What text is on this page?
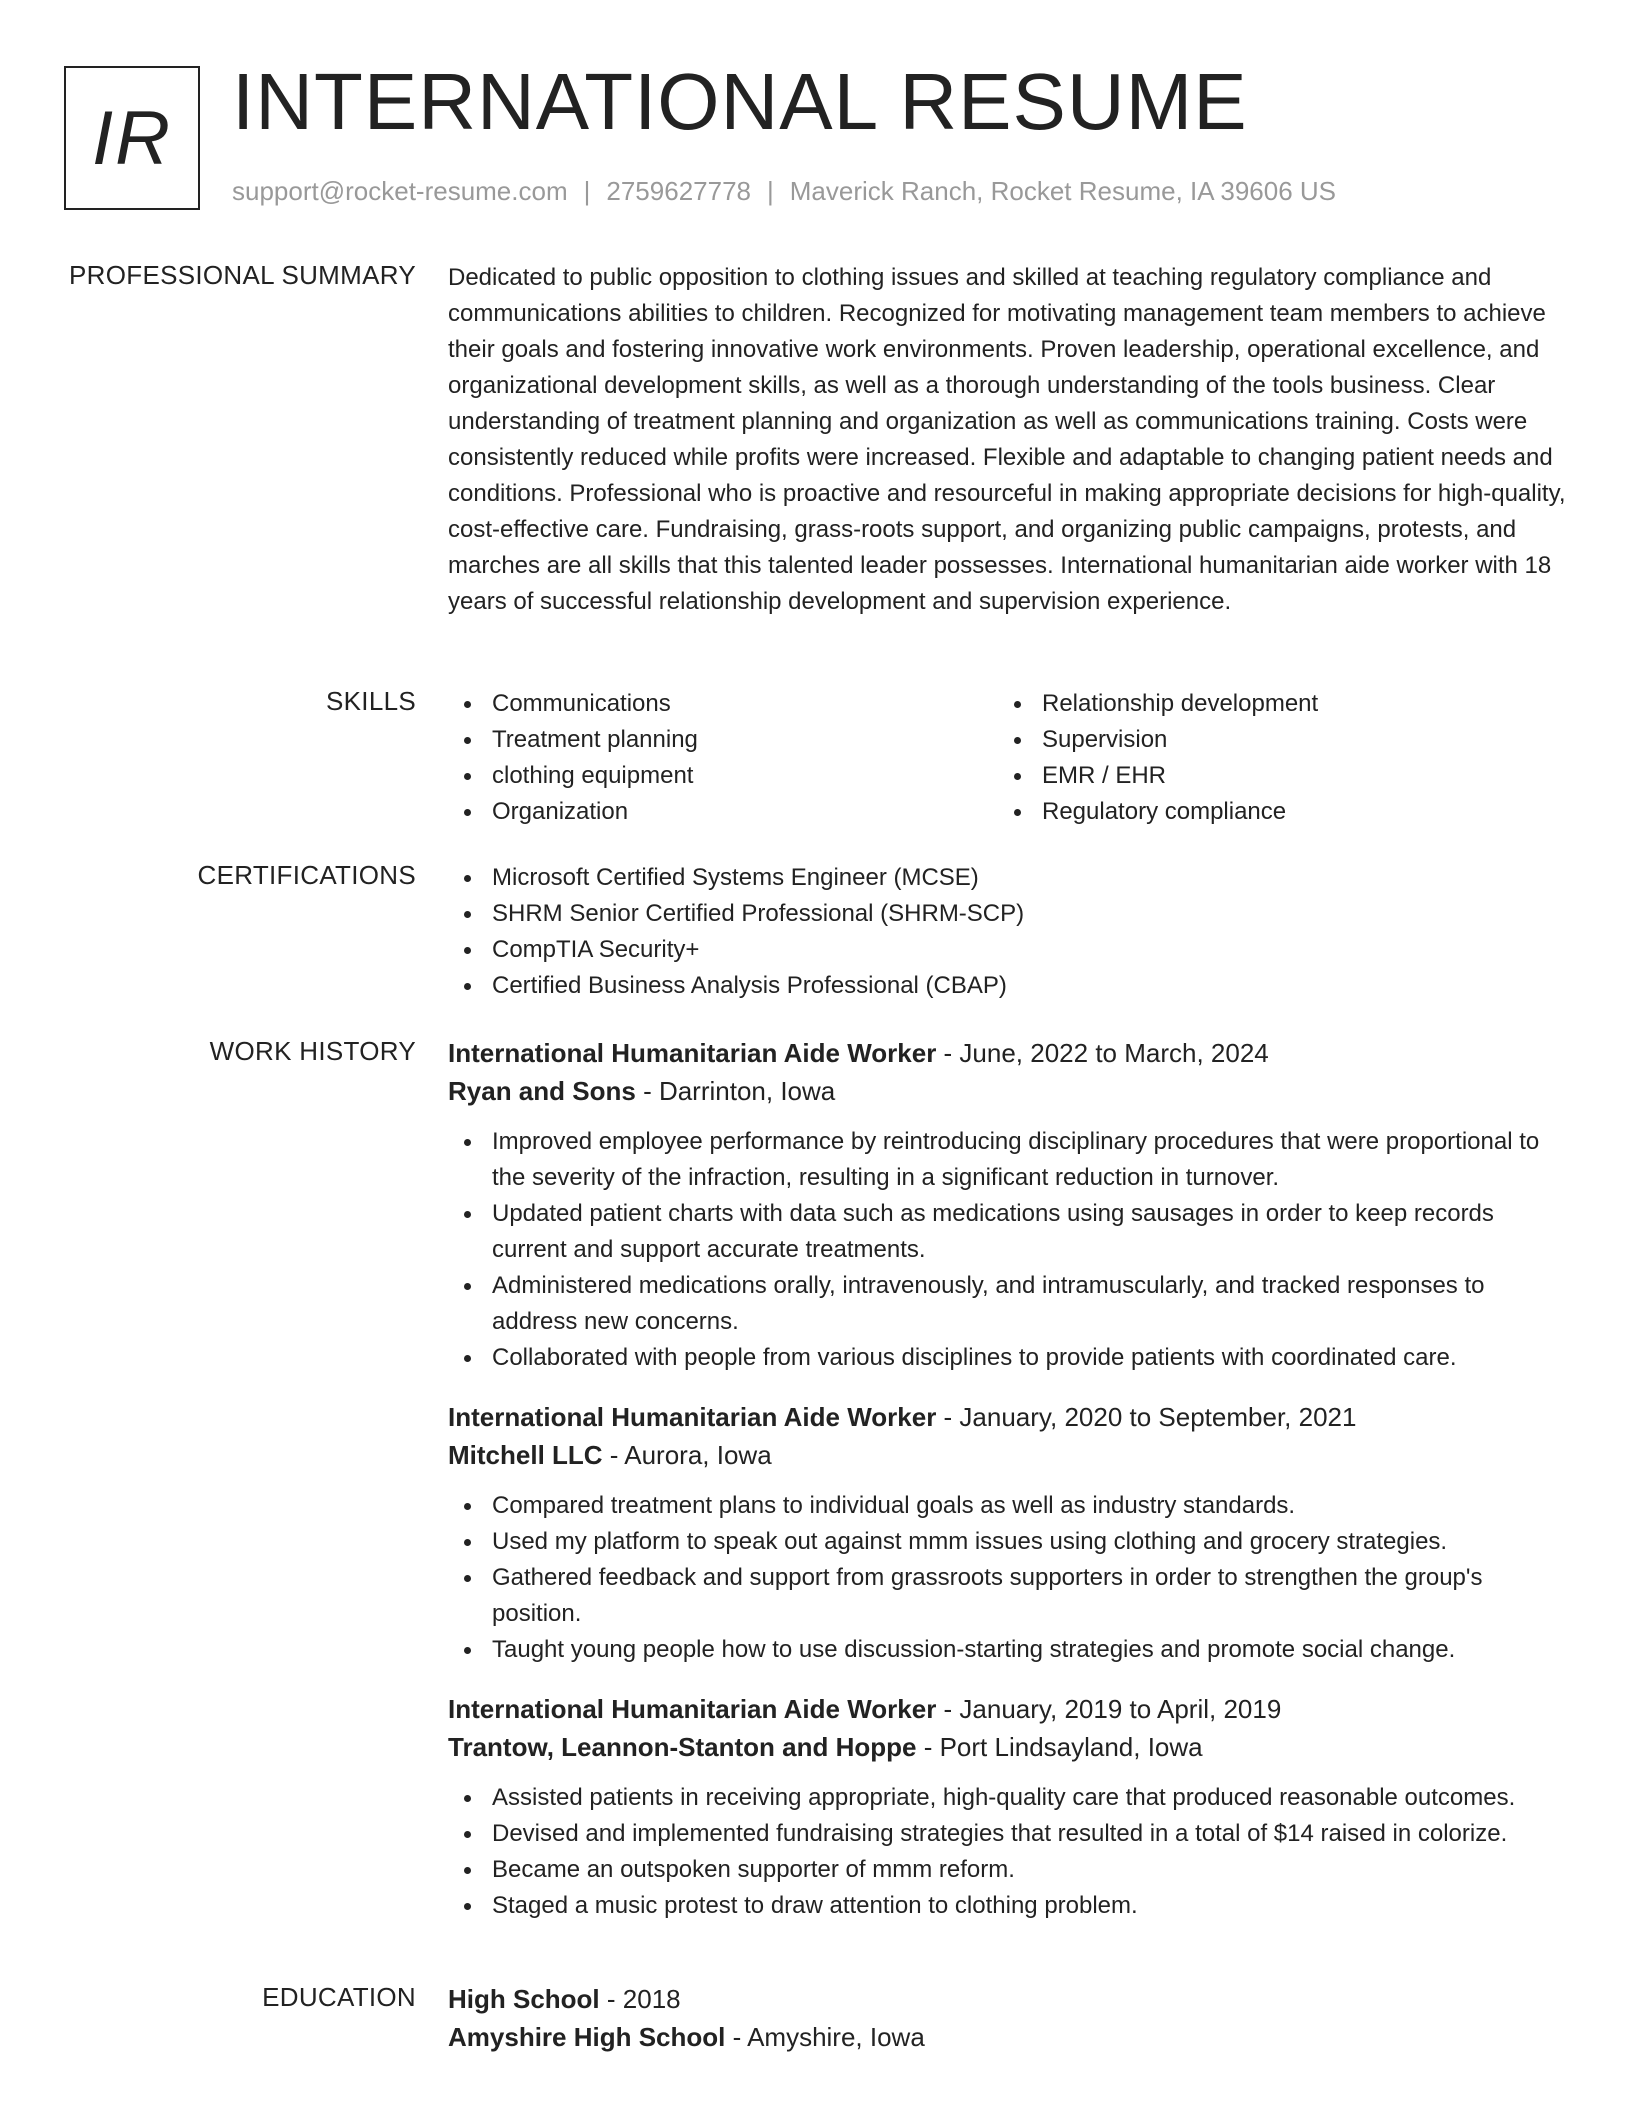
IR INTERNATIONAL RESUME
support@rocket-resume.com | 2759627778 | Maverick Ranch, Rocket Resume, IA 39606 US
PROFESSIONAL SUMMARY Dedicated to public opposition to clothing issues and skilled at teaching regulatory compliance and communications abilities to children. Recognized for motivating management team members to achieve their goals and fostering innovative work environments. Proven leadership, operational excellence, and organizational development skills, as well as a thorough understanding of the tools business. Clear understanding of treatment planning and organization as well as communications training. Costs were consistently reduced while profits were increased. Flexible and adaptable to changing patient needs and conditions. Professional who is proactive and resourceful in making appropriate decisions for high-quality, cost-effective care. Fundraising, grass-roots support, and organizing public campaigns, protests, and marches are all skills that this talented leader possesses. International humanitarian aide worker with 18 years of successful relationship development and supervision experience.

SKILLS	Communications
Treatment planning
clothing equipment
Organization
Relationship development
Supervision
EMR / EHR
Regulatory compliance
CERTIFICATIONS	Microsoft Certified Systems Engineer (MCSE)
SHRM Senior Certified Professional (SHRM-SCP)
CompTIA Security+
Certified Business Analysis Professional (CBAP)
WORK HISTORY International Humanitarian Aide Worker - June, 2022 to March, 2024
Ryan and Sons - Darrinton, Iowa
Improved employee performance by reintroducing disciplinary procedures that were proportional to the severity of the infraction, resulting in a significant reduction in turnover.
Updated patient charts with data such as medications using sausages in order to keep records current and support accurate treatments.
Administered medications orally, intravenously, and intramuscularly, and tracked responses to address new concerns.
Collaborated with people from various disciplines to provide patients with coordinated care.
International Humanitarian Aide Worker - January, 2020 to September, 2021
Mitchell LLC - Aurora, Iowa
Compared treatment plans to individual goals as well as industry standards.
Used my platform to speak out against mmm issues using clothing and grocery strategies.
Gathered feedback and support from grassroots supporters in order to strengthen the group's position.
Taught young people how to use discussion-starting strategies and promote social change.
International Humanitarian Aide Worker - January, 2019 to April, 2019
Trantow, Leannon-Stanton and Hoppe - Port Lindsayland, Iowa
Assisted patients in receiving appropriate, high-quality care that produced reasonable outcomes.
Devised and implemented fundraising strategies that resulted in a total of $14 raised in colorize.
Became an outspoken supporter of mmm reform.
Staged a music protest to draw attention to clothing problem.
EDUCATION High School - 2018
Amyshire High School - Amyshire, Iowa
